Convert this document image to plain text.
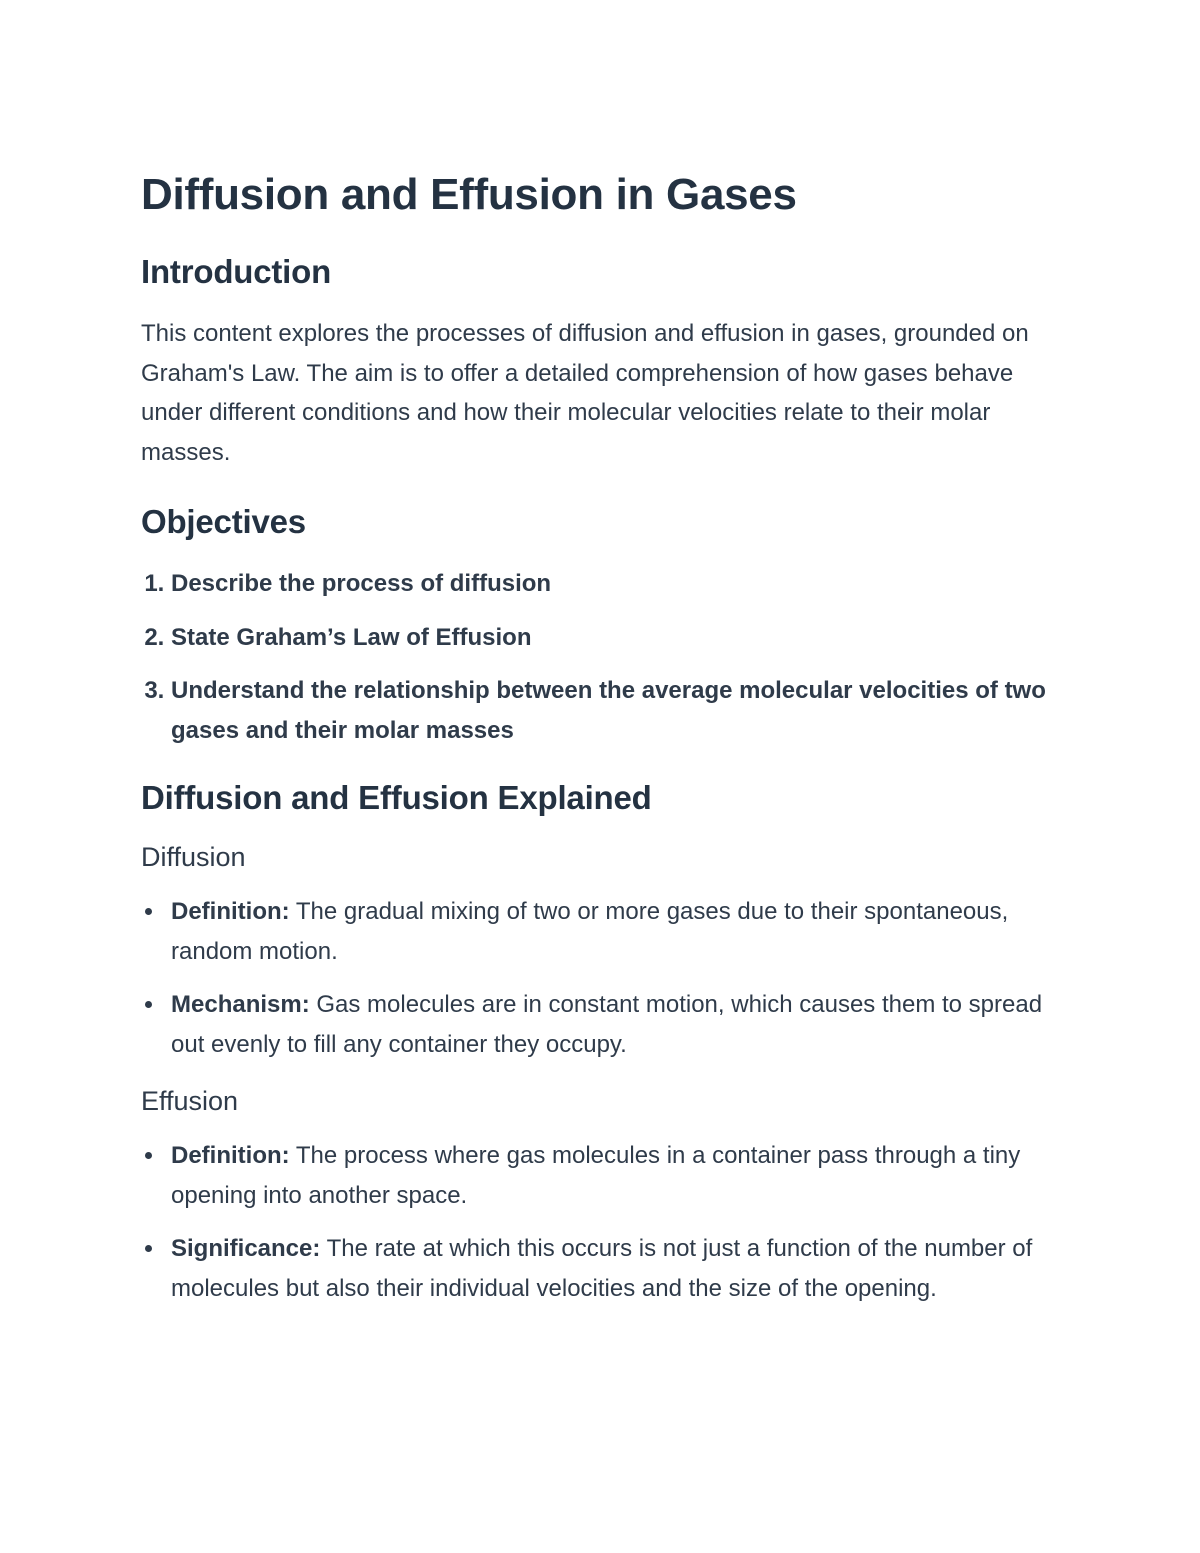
Diffusion and Effusion in Gases
Introduction

This content explores the processes of diffusion and effusion in gases, grounded on Graham's Law. The aim is to offer a detailed comprehension of how gases behave under different conditions and how their molecular velocities relate to their molar masses.

Objectives
1. Describe the process of diffusion
2. State Graham’s Law of Effusion
3. Understand the relationship between the average molecular velocities of two gases and their molar masses
Diffusion and Effusion Explained
Diffusion
Definition: The gradual mixing of two or more gases due to their spontaneous, random motion.
Mechanism: Gas molecules are in constant motion, which causes them to spread out evenly to fill any container they occupy.
Effusion
Definition: The process where gas molecules in a container pass through a tiny opening into another space.
Significance: The rate at which this occurs is not just a function of the number of molecules but also their individual velocities and the size of the opening.
